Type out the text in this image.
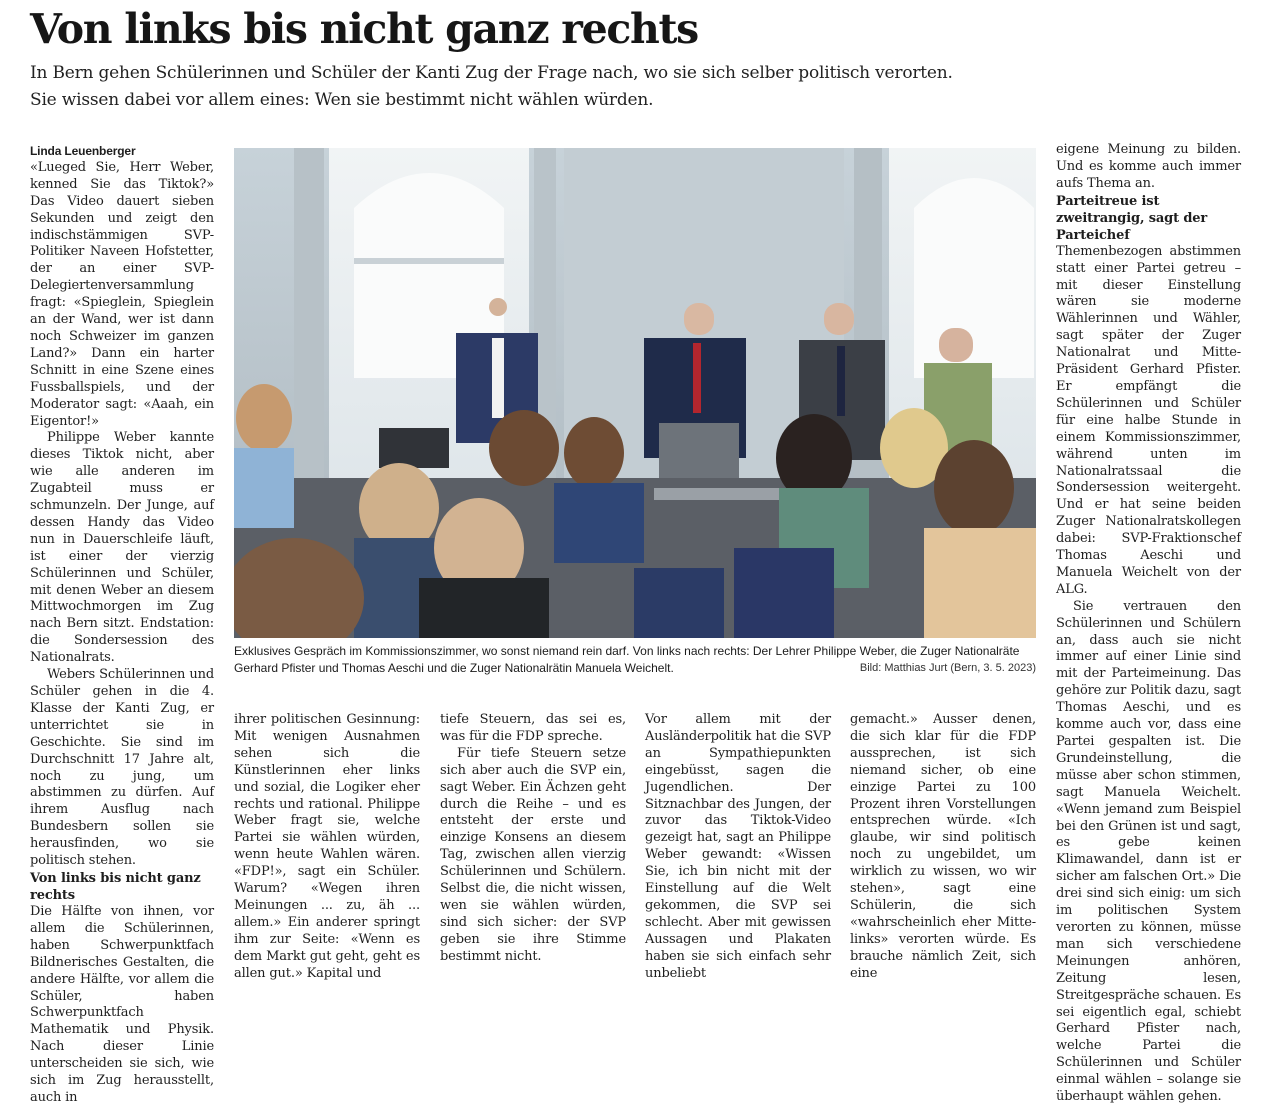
Von links bis nicht ganz rechts

In Bern gehen Schülerinnen und Schüler der Kanti Zug der Frage nach, wo sie sich selber politisch verorten.

Sie wissen dabei vor allem eines: Wen sie bestimmt nicht wählen würden.

Linda Leuenberger

«Lueged Sie, Herr Weber, kenned Sie das Tiktok?» Das Video dauert sieben Sekunden und zeigt den indischstämmigen SVP-Politiker Naveen Hofstetter, der an einer SVP-Delegiertenversammlung fragt: «Spieglein, Spieglein an der Wand, wer ist dann noch Schweizer im ganzen Land?» Dann ein harter Schnitt in eine Szene eines Fussballspiels, und der Moderator sagt: «Aaah, ein Eigentor!»

Philippe Weber kannte dieses Tiktok nicht, aber wie alle anderen im Zugabteil muss er schmunzeln. Der Junge, auf dessen Handy das Video nun in Dauerschleife läuft, ist einer der vierzig Schülerinnen und Schüler, mit denen Weber an diesem Mittwochmorgen im Zug nach Bern sitzt. Endstation: die Sondersession des Nationalrats.

Webers Schülerinnen und Schüler gehen in die 4. Klasse der Kanti Zug, er unterrichtet sie in Geschichte. Sie sind im Durchschnitt 17 Jahre alt, noch zu jung, um abstimmen zu dürfen. Auf ihrem Ausflug nach Bundesbern sollen sie herausfinden, wo sie politisch stehen.

Von links bis nicht ganz rechts

Die Hälfte von ihnen, vor allem die Schülerinnen, haben Schwerpunktfach Bildnerisches Gestalten, die andere Hälfte, vor allem die Schüler, haben Schwerpunktfach Mathematik und Physik. Nach dieser Linie unterscheiden sie sich, wie sich im Zug herausstellt, auch in

Exklusives Gespräch im Kommissionszimmer, wo sonst niemand rein darf. Von links nach rechts: Der Lehrer Philippe Weber, die Zuger Nationalräte Gerhard Pfister und Thomas Aeschi und die Zuger Nationalrätin Manuela Weichelt.	Bild: Matthias Jurt (Bern, 3. 5. 2023)

ihrer politischen Gesinnung: Mit wenigen Ausnahmen sehen sich die Künstlerinnen eher links und sozial, die Logiker eher rechts und rational. Philippe Weber fragt sie, welche Partei sie wählen würden, wenn heute Wahlen wären. «FDP!», sagt ein Schüler. Warum? «Wegen ihren Meinungen ... zu, äh ... allem.» Ein anderer springt ihm zur Seite: «Wenn es dem Markt gut geht, geht es allen gut.» Kapital und

tiefe Steuern, das sei es, was für die FDP spreche.

Für tiefe Steuern setze sich aber auch die SVP ein, sagt Weber. Ein Ächzen geht durch die Reihe – und es entsteht der erste und einzige Konsens an diesem Tag, zwischen allen vierzig Schülerinnen und Schülern. Selbst die, die nicht wissen, wen sie wählen würden, sind sich sicher: der SVP geben sie ihre Stimme bestimmt nicht.

Vor allem mit der Ausländerpolitik hat die SVP an Sympathiepunkten eingebüsst, sagen die Jugendlichen. Der Sitznachbar des Jungen, der zuvor das Tiktok-Video gezeigt hat, sagt an Philippe Weber gewandt: «Wissen Sie, ich bin nicht mit der Einstellung auf die Welt gekommen, die SVP sei schlecht. Aber mit gewissen Aussagen und Plakaten haben sie sich einfach sehr unbeliebt

gemacht.» Ausser denen, die sich klar für die FDP aussprechen, ist sich niemand sicher, ob eine einzige Partei zu 100 Prozent ihren Vorstellungen entsprechen würde. «Ich glaube, wir sind politisch noch zu ungebildet, um wirklich zu wissen, wo wir stehen», sagt eine Schülerin, die sich «wahrscheinlich eher Mitte-links» verorten würde. Es brauche nämlich Zeit, sich eine

eigene Meinung zu bilden. Und es komme auch immer aufs Thema an.

Parteitreue ist zweitrangig, sagt der Parteichef

Themenbezogen abstimmen statt einer Partei getreu – mit dieser Einstellung wären sie moderne Wählerinnen und Wähler, sagt später der Zuger Nationalrat und Mitte-Präsident Gerhard Pfister. Er empfängt die Schülerinnen und Schüler für eine halbe Stunde in einem Kommissionszimmer, während unten im Nationalratssaal die Sondersession weitergeht. Und er hat seine beiden Zuger Nationalratskollegen dabei: SVP-Fraktionschef Thomas Aeschi und Manuela Weichelt von der ALG.

Sie vertrauen den Schülerinnen und Schülern an, dass auch sie nicht immer auf einer Linie sind mit der Parteimeinung. Das gehöre zur Politik dazu, sagt Thomas Aeschi, und es komme auch vor, dass eine Partei gespalten ist. Die Grundeinstellung, die müsse aber schon stimmen, sagt Manuela Weichelt. «Wenn jemand zum Beispiel bei den Grünen ist und sagt, es gebe keinen Klimawandel, dann ist er sicher am falschen Ort.» Die drei sind sich einig: um sich im politischen System verorten zu können, müsse man sich verschiedene Meinungen anhören, Zeitung lesen, Streitgespräche schauen. Es sei eigentlich egal, schiebt Gerhard Pfister nach, welche Partei die Schülerinnen und Schüler einmal wählen – solange sie überhaupt wählen gehen.
